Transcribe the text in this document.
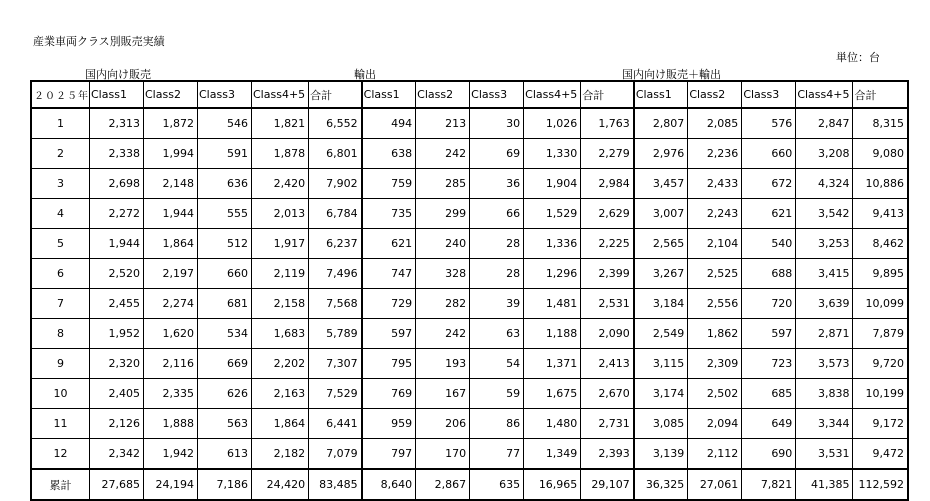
産業車両クラス別販売実績
単位：台
国内向け販売	輸出	国内向け販売＋輸出
２０２５年	Class1	Class2	Class3	Class4+5	合計	Class1	Class2	Class3	Class4+5	合計	Class1	Class2	Class3	Class4+5	合計
1	2,313	1,872	546	1,821	6,552	494	213	30	1,026	1,763	2,807	2,085	576	2,847	8,315
2	2,338	1,994	591	1,878	6,801	638	242	69	1,330	2,279	2,976	2,236	660	3,208	9,080
3	2,698	2,148	636	2,420	7,902	759	285	36	1,904	2,984	3,457	2,433	672	4,324	10,886
4	2,272	1,944	555	2,013	6,784	735	299	66	1,529	2,629	3,007	2,243	621	3,542	9,413
5	1,944	1,864	512	1,917	6,237	621	240	28	1,336	2,225	2,565	2,104	540	3,253	8,462
6	2,520	2,197	660	2,119	7,496	747	328	28	1,296	2,399	3,267	2,525	688	3,415	9,895
7	2,455	2,274	681	2,158	7,568	729	282	39	1,481	2,531	3,184	2,556	720	3,639	10,099
8	1,952	1,620	534	1,683	5,789	597	242	63	1,188	2,090	2,549	1,862	597	2,871	7,879
9	2,320	2,116	669	2,202	7,307	795	193	54	1,371	2,413	3,115	2,309	723	3,573	9,720
10	2,405	2,335	626	2,163	7,529	769	167	59	1,675	2,670	3,174	2,502	685	3,838	10,199
11	2,126	1,888	563	1,864	6,441	959	206	86	1,480	2,731	3,085	2,094	649	3,344	9,172
12	2,342	1,942	613	2,182	7,079	797	170	77	1,349	2,393	3,139	2,112	690	3,531	9,472
累計	27,685	24,194	7,186	24,420	83,485	8,640	2,867	635	16,965	29,107	36,325	27,061	7,821	41,385	112,592
